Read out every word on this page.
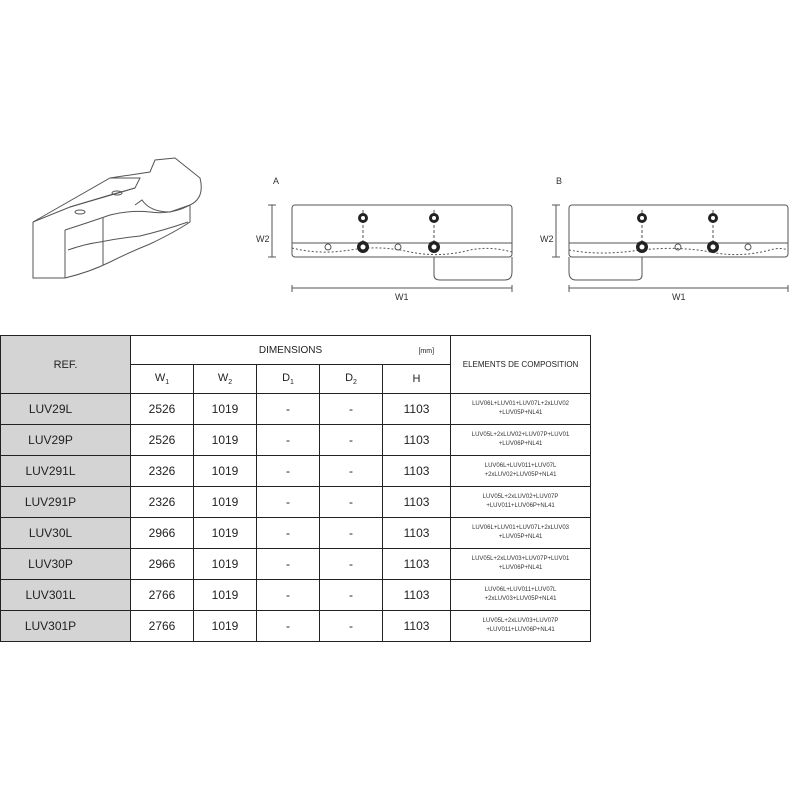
A	B
W2	W2
W1	W1
REF.	DIMENSIONS [mm]					ELEMENTS DE COMPOSITION
	$W_1$	$W_2$	$D_1$	$D_2$	H	
LUV29L	2526	1019	-	-	1103	LUV06L+LUV01+LUV07L+2xLUV02
+LUV05P+NL41

LUV29P	2526	1019	-	-	1103	LUV05L+2xLUV02+LUV07P+LUV01
+LUV06P+NL41

LUV291L	2326	1019	-	-	1103	LUV06L+LUV011+LUV07L
+2xLUV02+LUV05P+NL41

LUV291P	2326	1019	-	-	1103	LUV05L+2xLUV02+LUV07P
+LUV011+LUV06P+NL41

LUV30L	2966	1019	-	-	1103	LUV06L+LUV01+LUV07L+2xLUV03
+LUV05P+NL41

LUV30P	2966	1019	-	-	1103	LUV05L+2xLUV03+LUV07P+LUV01
+LUV06P+NL41

LUV301L	2766	1019	-	-	1103	LUV06L+LUV011+LUV07L
+2xLUV03+LUV05P+NL41

LUV301P	2766	1019	-	-	1103	LUV05L+2xLUV03+LUV07P
+LUV011+LUV06P+NL41
